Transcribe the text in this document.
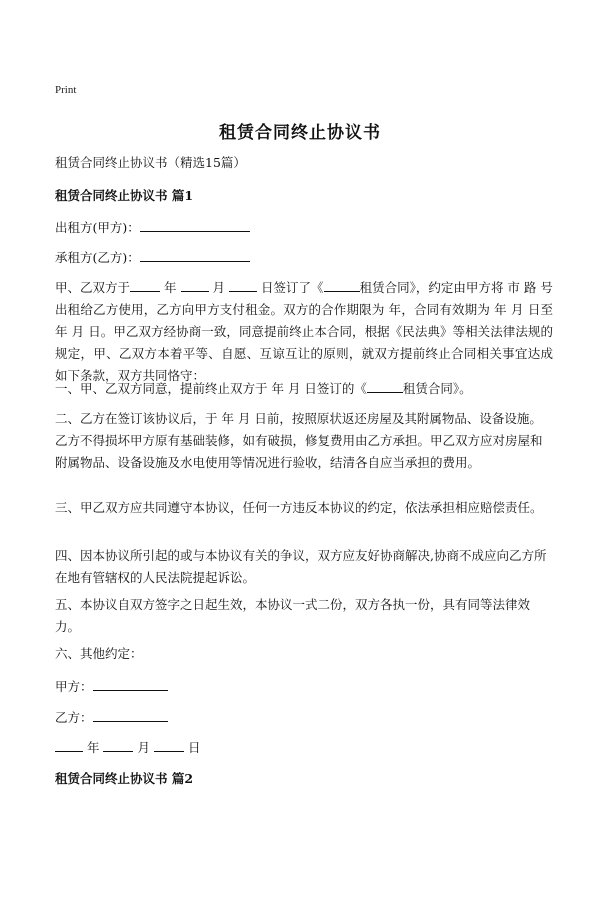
Print
租赁合同终止协议书
租赁合同终止协议书（精选15篇）
租赁合同终止协议书 篇1
出租方(甲方)：
承租方(乙方)：
甲、乙双方于	年	月	日签订了《	租赁合同》，约定由甲方将 市 路 号出租给乙方使用，乙方向甲方支付租金。双方的合作期限为 年，合同有效期为 年 月 日至 年 月 日。甲乙双方经协商一致，同意提前终止本合同，根据《民法典》等相关法律法规的规定，甲、乙双方本着平等、自愿、互谅互让的原则，就双方提前终止合同相关事宜达成如下条款，双方共同恪守：
一、甲、乙双方同意，提前终止双方于 年 月 日签订的《	租赁合同》。
二、乙方在签订该协议后，于 年 月 日前，按照原状返还房屋及其附属物品、设备设施。乙方不得损坏甲方原有基础装修，如有破损，修复费用由乙方承担。甲乙双方应对房屋和附属物品、设备设施及水电使用等情况进行验收，结清各自应当承担的费用。
三、甲乙双方应共同遵守本协议，任何一方违反本协议的约定，依法承担相应赔偿责任。
四、因本协议所引起的或与本协议有关的争议，双方应友好协商解决,协商不成应向乙方所在地有管辖权的人民法院提起诉讼。
五、本协议自双方签字之日起生效，本协议一式二份，双方各执一份，具有同等法律效力。
六、其他约定：
甲方：
乙方：
年	月	日
租赁合同终止协议书 篇2
